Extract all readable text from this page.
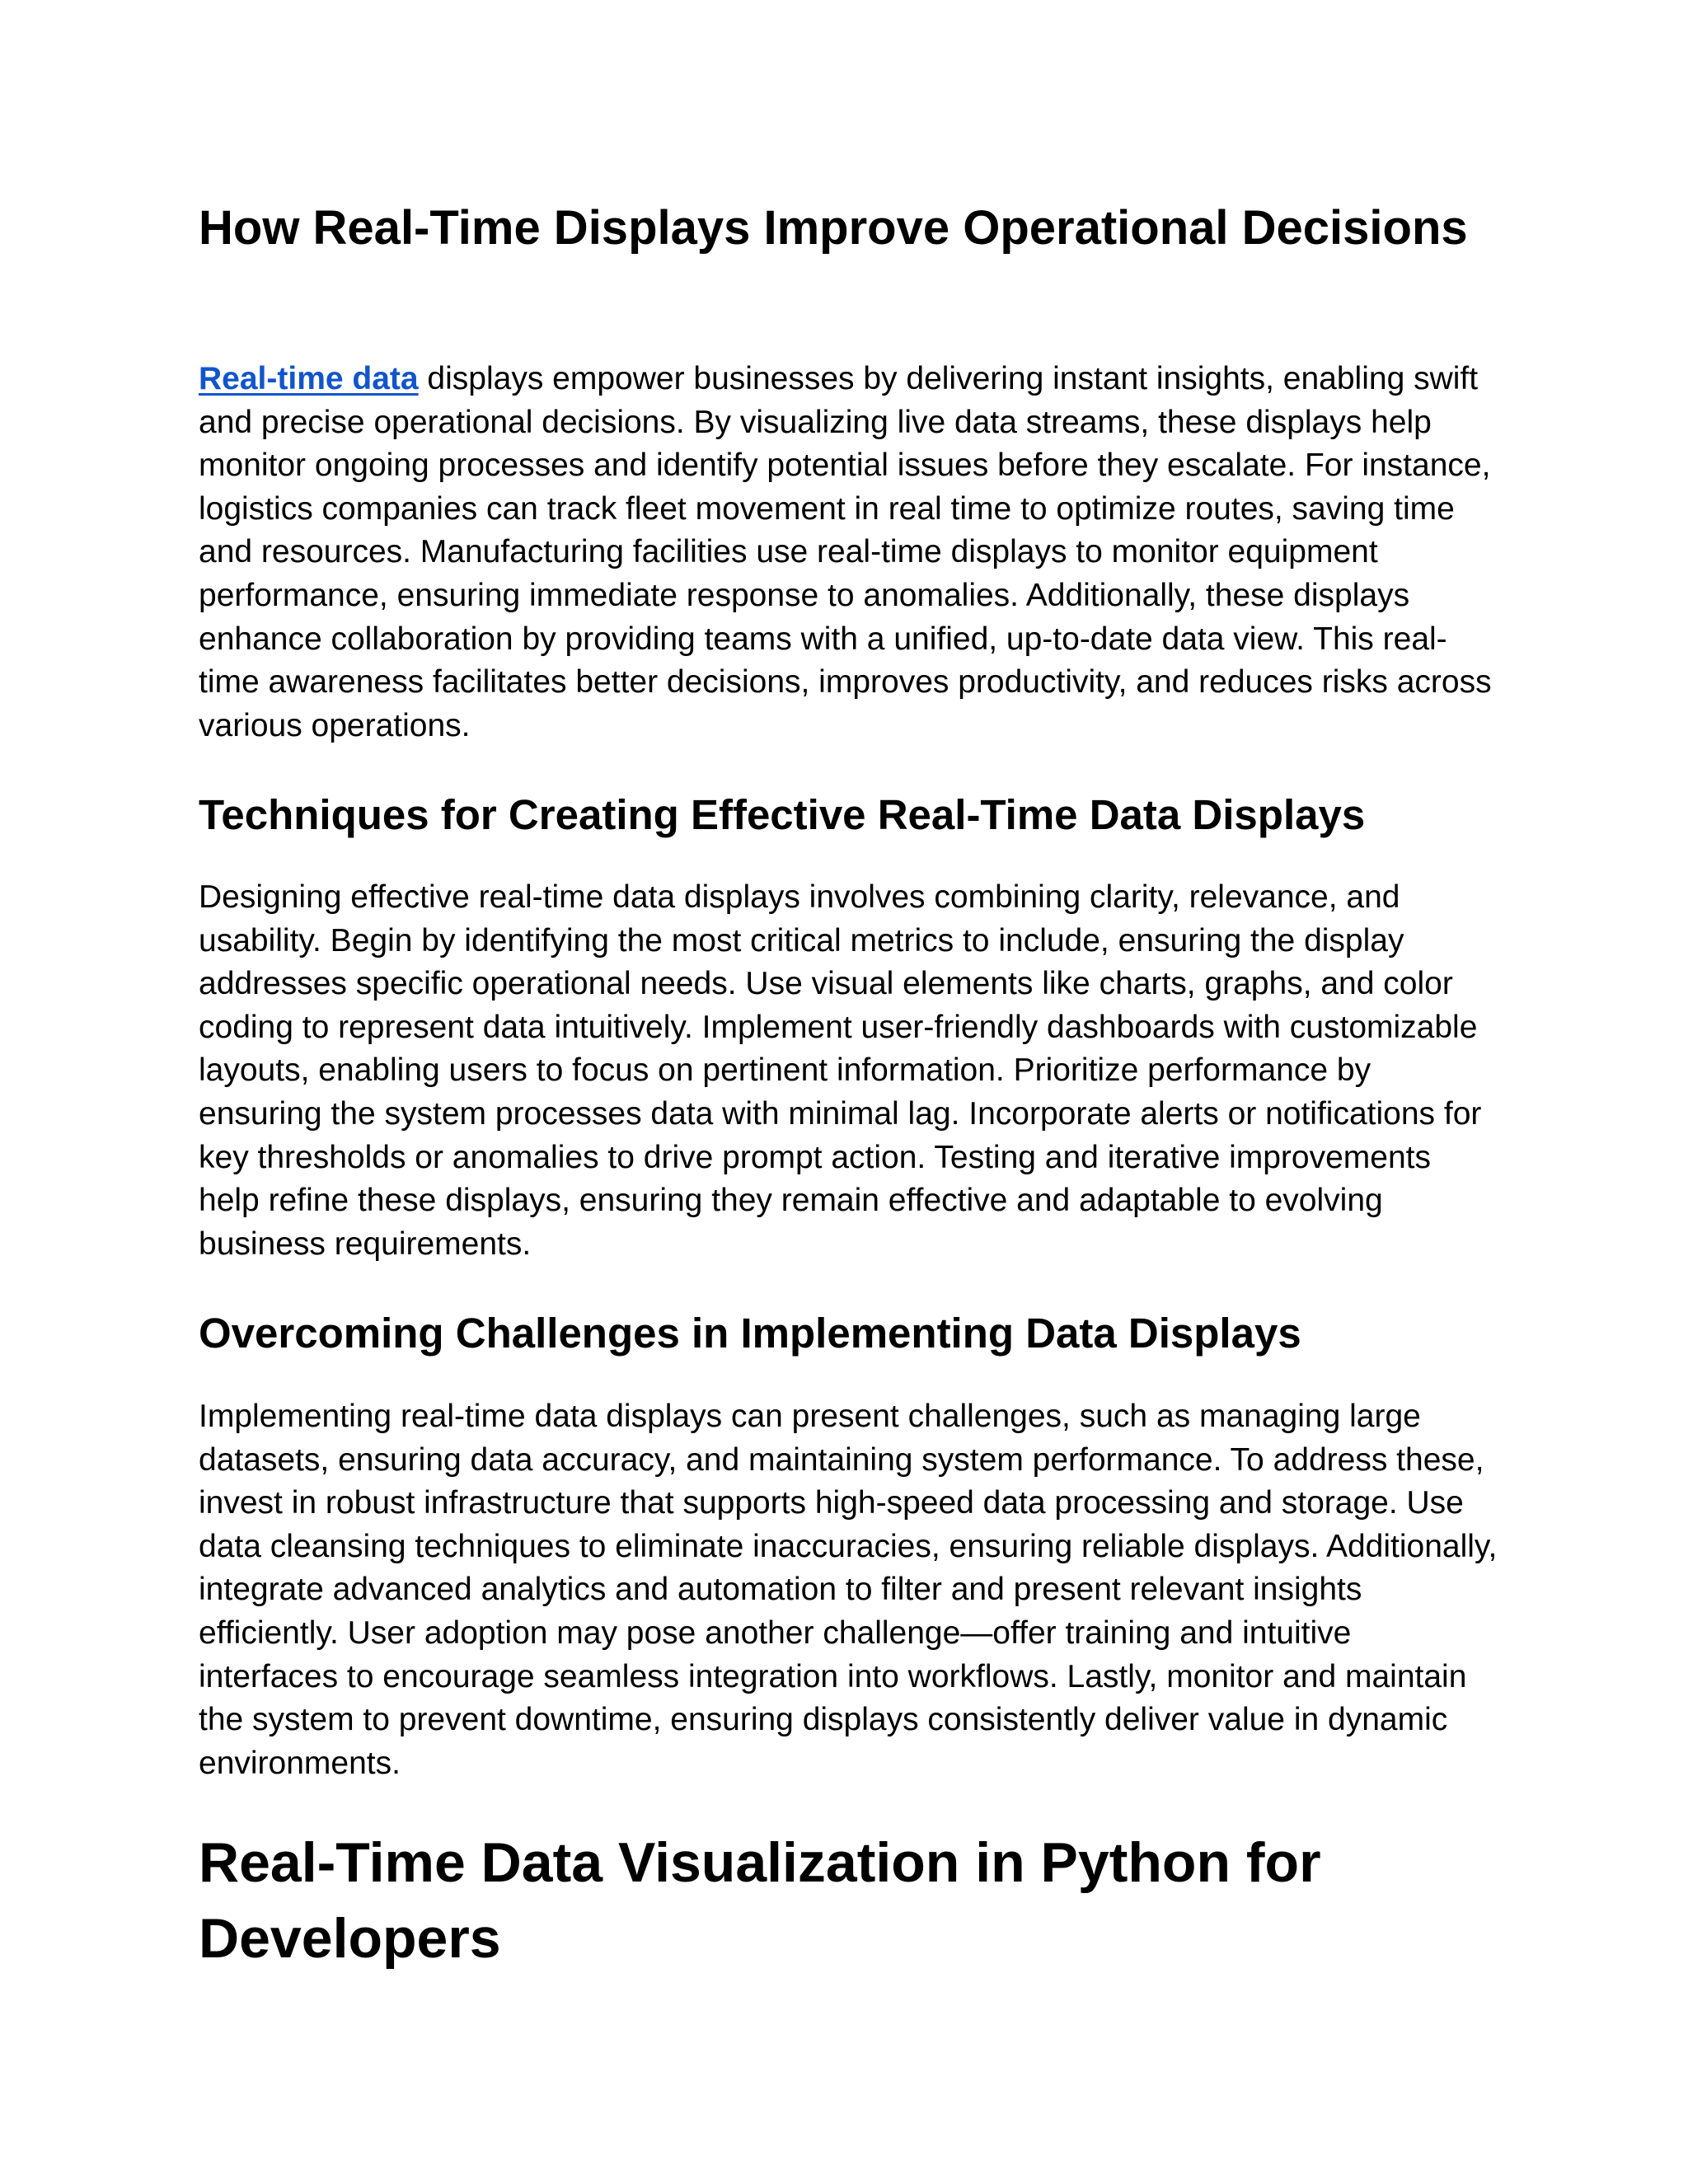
How Real-Time Displays Improve Operational Decisions

Real-time data displays empower businesses by delivering instant insights, enabling swift and precise operational decisions. By visualizing live data streams, these displays help monitor ongoing processes and identify potential issues before they escalate. For instance, logistics companies can track fleet movement in real time to optimize routes, saving time and resources. Manufacturing facilities use real-time displays to monitor equipment performance, ensuring immediate response to anomalies. Additionally, these displays enhance collaboration by providing teams with a unified, up-to-date data view. This real-time awareness facilitates better decisions, improves productivity, and reduces risks across various operations.

Techniques for Creating Effective Real-Time Data Displays

Designing effective real-time data displays involves combining clarity, relevance, and usability. Begin by identifying the most critical metrics to include, ensuring the display addresses specific operational needs. Use visual elements like charts, graphs, and color coding to represent data intuitively. Implement user-friendly dashboards with customizable layouts, enabling users to focus on pertinent information. Prioritize performance by ensuring the system processes data with minimal lag. Incorporate alerts or notifications for key thresholds or anomalies to drive prompt action. Testing and iterative improvements help refine these displays, ensuring they remain effective and adaptable to evolving business requirements.

Overcoming Challenges in Implementing Data Displays

Implementing real-time data displays can present challenges, such as managing large datasets, ensuring data accuracy, and maintaining system performance. To address these, invest in robust infrastructure that supports high-speed data processing and storage. Use data cleansing techniques to eliminate inaccuracies, ensuring reliable displays. Additionally, integrate advanced analytics and automation to filter and present relevant insights efficiently. User adoption may pose another challenge—offer training and intuitive interfaces to encourage seamless integration into workflows. Lastly, monitor and maintain the system to prevent downtime, ensuring displays consistently deliver value in dynamic environments.

Real-Time Data Visualization in Python for Developers
